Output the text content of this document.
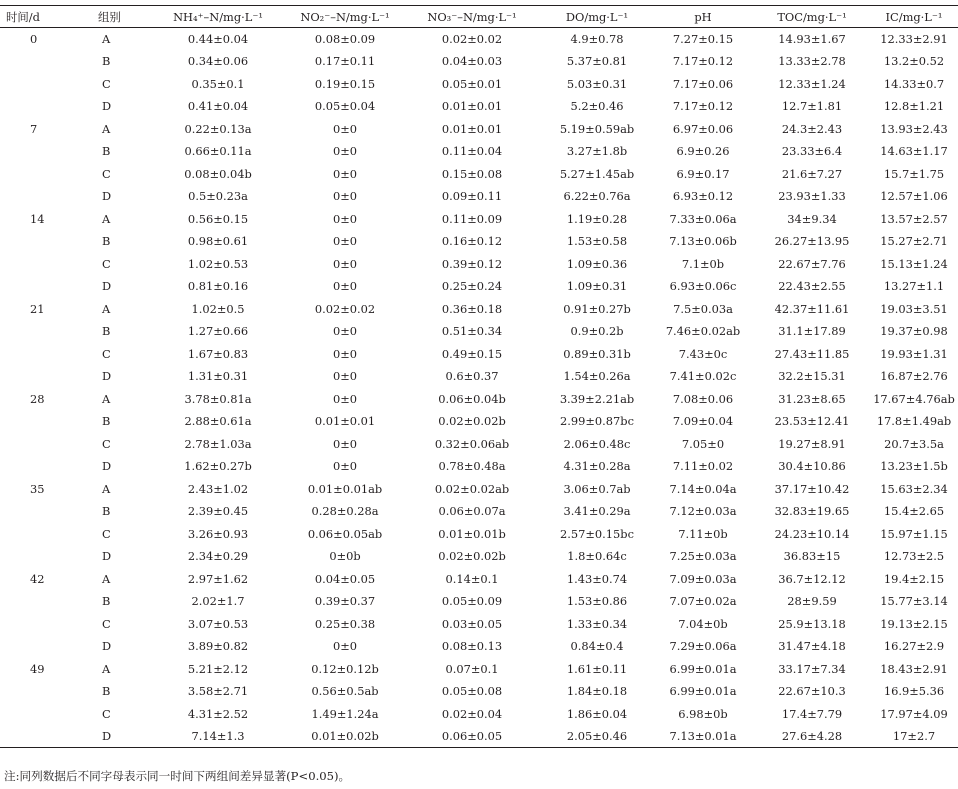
时间/d	组别	NH₄⁺–N/mg·L⁻¹	NO₂⁻–N/mg·L⁻¹	NO₃⁻–N/mg·L⁻¹	DO/mg·L⁻¹	pH	TOC/mg·L⁻¹	IC/mg·L⁻¹
0	A	0.44±0.04	0.08±0.09	0.02±0.02	4.9±0.78	7.27±0.15	14.93±1.67	12.33±2.91
	B	0.34±0.06	0.17±0.11	0.04±0.03	5.37±0.81	7.17±0.12	13.33±2.78	13.2±0.52
	C	0.35±0.1	0.19±0.15	0.05±0.01	5.03±0.31	7.17±0.06	12.33±1.24	14.33±0.7
	D	0.41±0.04	0.05±0.04	0.01±0.01	5.2±0.46	7.17±0.12	12.7±1.81	12.8±1.21
7	A	0.22±0.13a	0±0	0.01±0.01	5.19±0.59ab	6.97±0.06	24.3±2.43	13.93±2.43
	B	0.66±0.11a	0±0	0.11±0.04	3.27±1.8b	6.9±0.26	23.33±6.4	14.63±1.17
	C	0.08±0.04b	0±0	0.15±0.08	5.27±1.45ab	6.9±0.17	21.6±7.27	15.7±1.75
	D	0.5±0.23a	0±0	0.09±0.11	6.22±0.76a	6.93±0.12	23.93±1.33	12.57±1.06
14	A	0.56±0.15	0±0	0.11±0.09	1.19±0.28	7.33±0.06a	34±9.34	13.57±2.57
	B	0.98±0.61	0±0	0.16±0.12	1.53±0.58	7.13±0.06b	26.27±13.95	15.27±2.71
	C	1.02±0.53	0±0	0.39±0.12	1.09±0.36	7.1±0b	22.67±7.76	15.13±1.24
	D	0.81±0.16	0±0	0.25±0.24	1.09±0.31	6.93±0.06c	22.43±2.55	13.27±1.1
21	A	1.02±0.5	0.02±0.02	0.36±0.18	0.91±0.27b	7.5±0.03a	42.37±11.61	19.03±3.51
	B	1.27±0.66	0±0	0.51±0.34	0.9±0.2b	7.46±0.02ab	31.1±17.89	19.37±0.98
	C	1.67±0.83	0±0	0.49±0.15	0.89±0.31b	7.43±0c	27.43±11.85	19.93±1.31
	D	1.31±0.31	0±0	0.6±0.37	1.54±0.26a	7.41±0.02c	32.2±15.31	16.87±2.76
28	A	3.78±0.81a	0±0	0.06±0.04b	3.39±2.21ab	7.08±0.06	31.23±8.65	17.67±4.76ab
	B	2.88±0.61a	0.01±0.01	0.02±0.02b	2.99±0.87bc	7.09±0.04	23.53±12.41	17.8±1.49ab
	C	2.78±1.03a	0±0	0.32±0.06ab	2.06±0.48c	7.05±0	19.27±8.91	20.7±3.5a
	D	1.62±0.27b	0±0	0.78±0.48a	4.31±0.28a	7.11±0.02	30.4±10.86	13.23±1.5b
35	A	2.43±1.02	0.01±0.01ab	0.02±0.02ab	3.06±0.7ab	7.14±0.04a	37.17±10.42	15.63±2.34
	B	2.39±0.45	0.28±0.28a	0.06±0.07a	3.41±0.29a	7.12±0.03a	32.83±19.65	15.4±2.65
	C	3.26±0.93	0.06±0.05ab	0.01±0.01b	2.57±0.15bc	7.11±0b	24.23±10.14	15.97±1.15
	D	2.34±0.29	0±0b	0.02±0.02b	1.8±0.64c	7.25±0.03a	36.83±15	12.73±2.5
42	A	2.97±1.62	0.04±0.05	0.14±0.1	1.43±0.74	7.09±0.03a	36.7±12.12	19.4±2.15
	B	2.02±1.7	0.39±0.37	0.05±0.09	1.53±0.86	7.07±0.02a	28±9.59	15.77±3.14
	C	3.07±0.53	0.25±0.38	0.03±0.05	1.33±0.34	7.04±0b	25.9±13.18	19.13±2.15
	D	3.89±0.82	0±0	0.08±0.13	0.84±0.4	7.29±0.06a	31.47±4.18	16.27±2.9
49	A	5.21±2.12	0.12±0.12b	0.07±0.1	1.61±0.11	6.99±0.01a	33.17±7.34	18.43±2.91
	B	3.58±2.71	0.56±0.5ab	0.05±0.08	1.84±0.18	6.99±0.01a	22.67±10.3	16.9±5.36
	C	4.31±2.52	1.49±1.24a	0.02±0.04	1.86±0.04	6.98±0b	17.4±7.79	17.97±4.09
	D	7.14±1.3	0.01±0.02b	0.06±0.05	2.05±0.46	7.13±0.01a	27.6±4.28	17±2.7
注:同列数据后不同字母表示同一时间下两组间差异显著(P<0.05)。
